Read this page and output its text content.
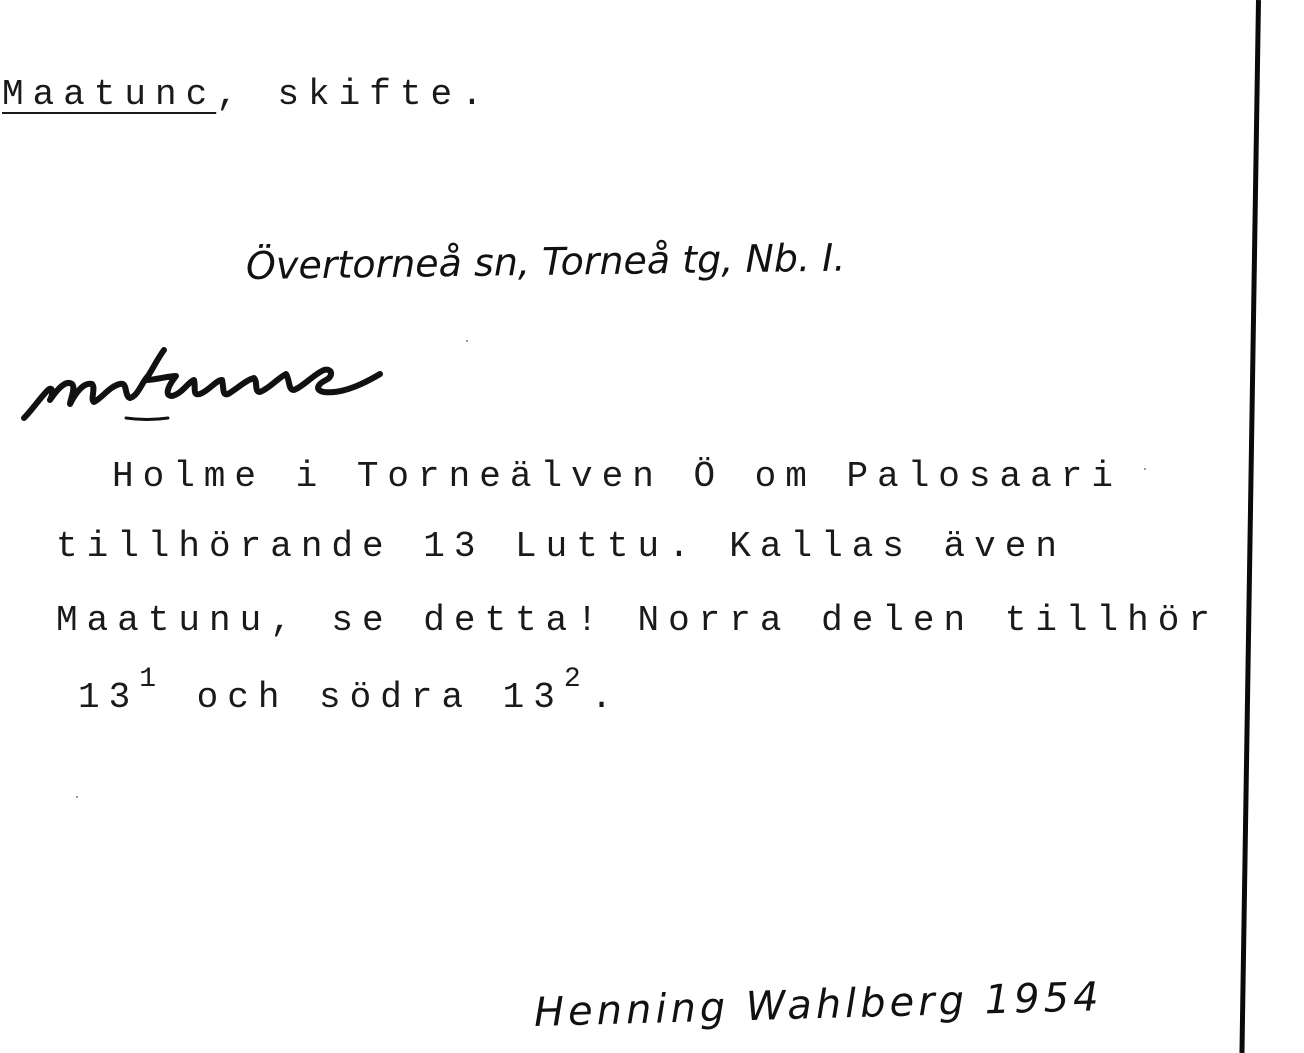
Maatunc, skifte.
Övertorneå sn, Torneå tg, Nb. I.
Holme i Torneälven Ö om Palosaari
tillhörande 13 Luttu. Kallas även
Maatunu, se detta! Norra delen tillhör
$13^1$ och södra $13^2$ .
Henning Wahlberg 1954
